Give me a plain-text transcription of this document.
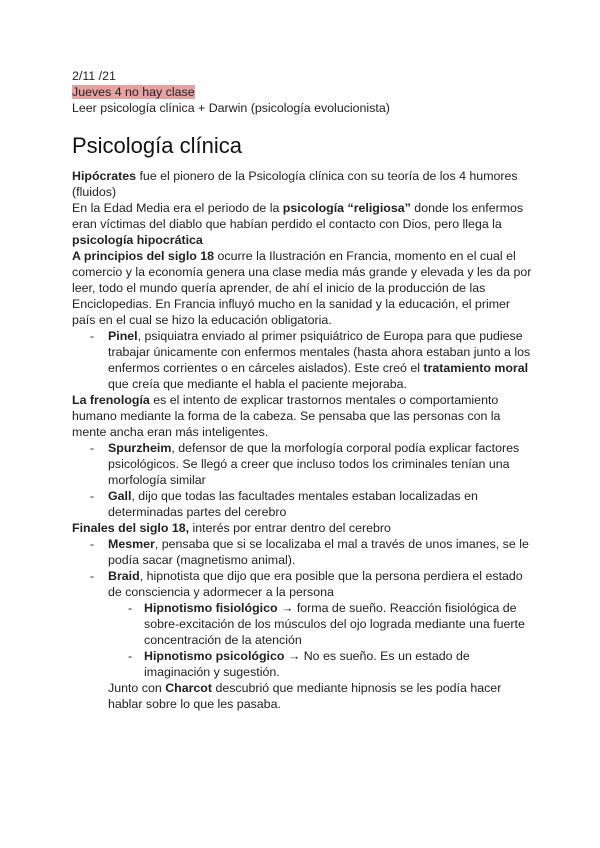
2/11 /21
Jueves 4 no hay clase
Leer psicología clínica + Darwin (psicología evolucionista)
Psicología clínica

Hipócrates fue el pionero de la Psicología clínica con su teoría de los 4 humores (fluidos)

En la Edad Media era el periodo de la psicología “religiosa” donde los enfermos eran víctimas del diablo que habían perdido el contacto con Dios, pero llega la psicología hipocrática

A principios del siglo 18 ocurre la Ilustración en Francia, momento en el cual el comercio y la economía genera una clase media más grande y elevada y les da por leer, todo el mundo quería aprender, de ahí el inicio de la producción de las Enciclopedias. En Francia influyó mucho en la sanidad y la educación, el primer país en el cual se hizo la educación obligatoria.

- Pinel, psiquiatra enviado al primer psiquiátrico de Europa para que pudiese trabajar únicamente con enfermos mentales (hasta ahora estaban junto a los enfermos corrientes o en cárceles aislados). Este creó el tratamiento moral que creía que mediante el habla el paciente mejoraba.

La frenología es el intento de explicar trastornos mentales o comportamiento humano mediante la forma de la cabeza. Se pensaba que las personas con la mente ancha eran más inteligentes.

- Spurzheim, defensor de que la morfología corporal podía explicar factores psicológicos. Se llegó a creer que incluso todos los criminales tenían una morfología similar
- Gall, dijo que todas las facultades mentales estaban localizadas en determinadas partes del cerebro

Finales del siglo 18, interés por entrar dentro del cerebro

- Mesmer, pensaba que si se localizaba el mal a través de unos imanes, se le podía sacar (magnetismo animal).
- Braid, hipnotista que dijo que era posible que la persona perdiera el estado de consciencia y adormecer a la persona
- Hipnotismo fisiológico → forma de sueño. Reacción fisiológica de sobre-excitación de los músculos del ojo lograda mediante una fuerte concentración de la atención
- Hipnotismo psicológico → No es sueño. Es un estado de imaginación y sugestión.

Junto con Charcot descubrió que mediante hipnosis se les podía hacer hablar sobre lo que les pasaba.
